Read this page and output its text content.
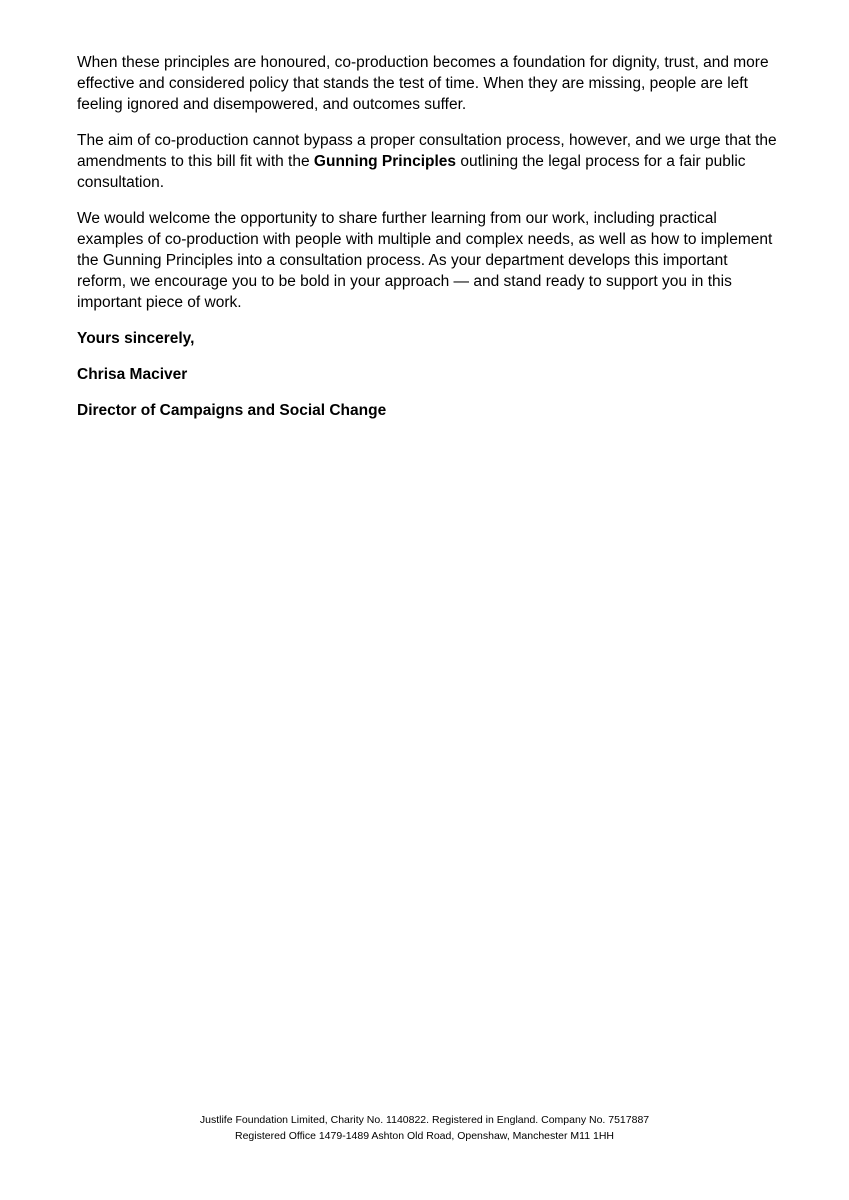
When these principles are honoured, co-production becomes a foundation for dignity, trust, and more effective and considered policy that stands the test of time. When they are missing, people are left feeling ignored and disempowered, and outcomes suffer.

The aim of co-production cannot bypass a proper consultation process, however, and we urge that the amendments to this bill fit with the Gunning Principles outlining the legal process for a fair public consultation.

We would welcome the opportunity to share further learning from our work, including practical examples of co-production with people with multiple and complex needs, as well as how to implement the Gunning Principles into a consultation process. As your department develops this important reform, we encourage you to be bold in your approach — and stand ready to support you in this important piece of work.

Yours sincerely,

Chrisa Maciver

Director of Campaigns and Social Change

Justlife Foundation Limited, Charity No. 1140822. Registered in England. Company No. 7517887
Registered Office 1479-1489 Ashton Old Road, Openshaw, Manchester M11 1HH
